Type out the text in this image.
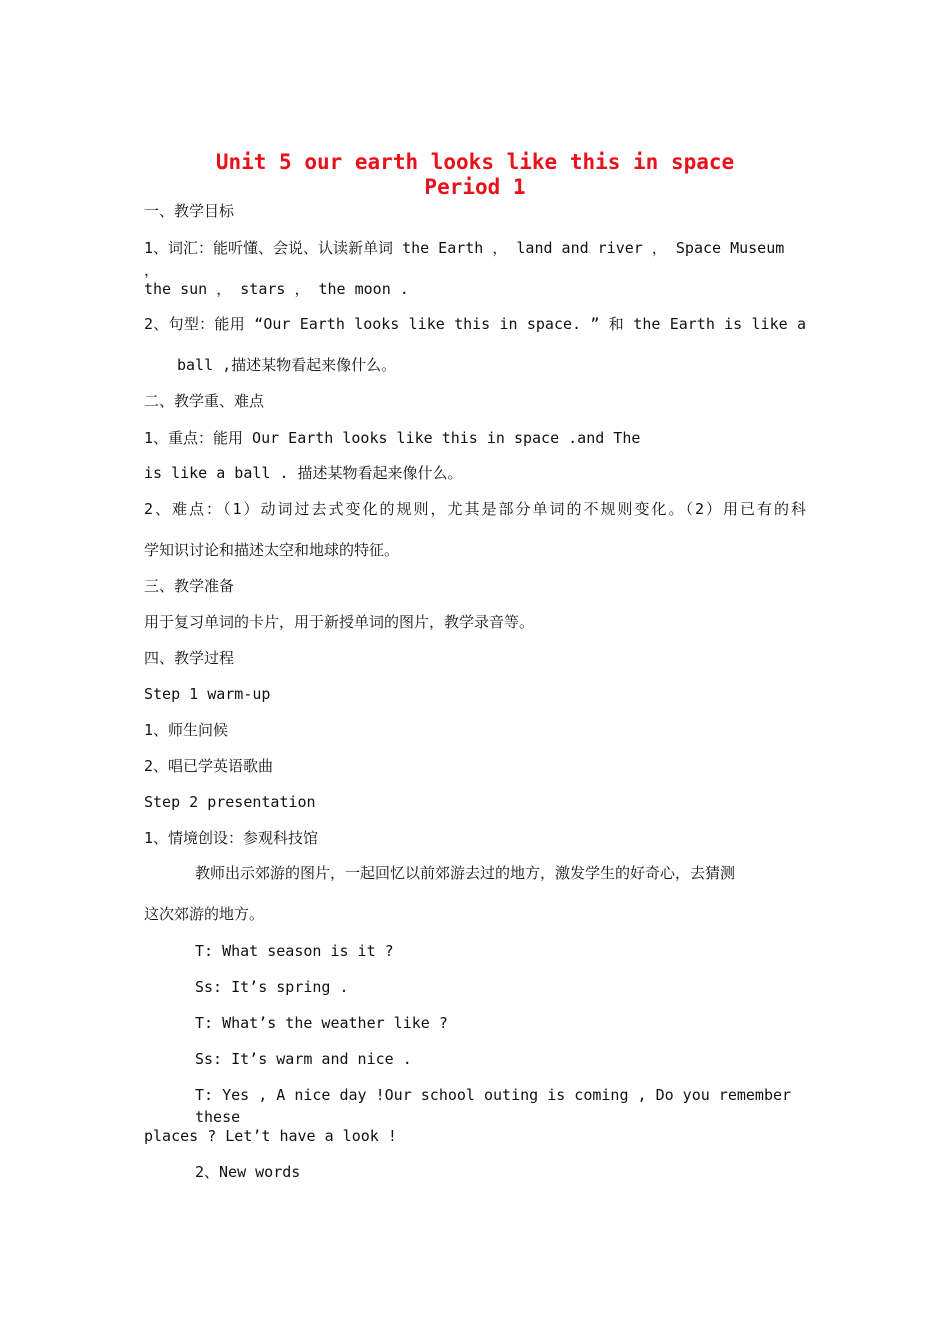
Unit 5 our earth looks like this in space
Period 1
一、教学目标
1、词汇：能听懂、会说、认读新单词 the Earth ， land and river ， Space Museum ，
the sun ， stars ， the moon .
2、句型：能用 “Our Earth looks like this in space. ” 和 the Earth is like a
ball ,描述某物看起来像什么。
二、教学重、难点
1、重点：能用 Our Earth looks like this in space .and The
is like a ball . 描述某物看起来像什么。
2、难点：（1）动词过去式变化的规则，尤其是部分单词的不规则变化。（2）用已有的科
学知识讨论和描述太空和地球的特征。
三、教学准备
用于复习单词的卡片，用于新授单词的图片，教学录音等。
四、教学过程
Step 1 warm-up
1、师生问候
2、唱已学英语歌曲
Step 2 presentation
1、情境创设：参观科技馆
教师出示郊游的图片，一起回忆以前郊游去过的地方，激发学生的好奇心，去猜测
这次郊游的地方。
T: What season is it ?
Ss: It’s spring .
T: What’s the weather like ?
Ss: It’s warm and nice .
T: Yes , A nice day !Our school outing is coming , Do you remember these
places ? Let’t have a look !
2、New words
